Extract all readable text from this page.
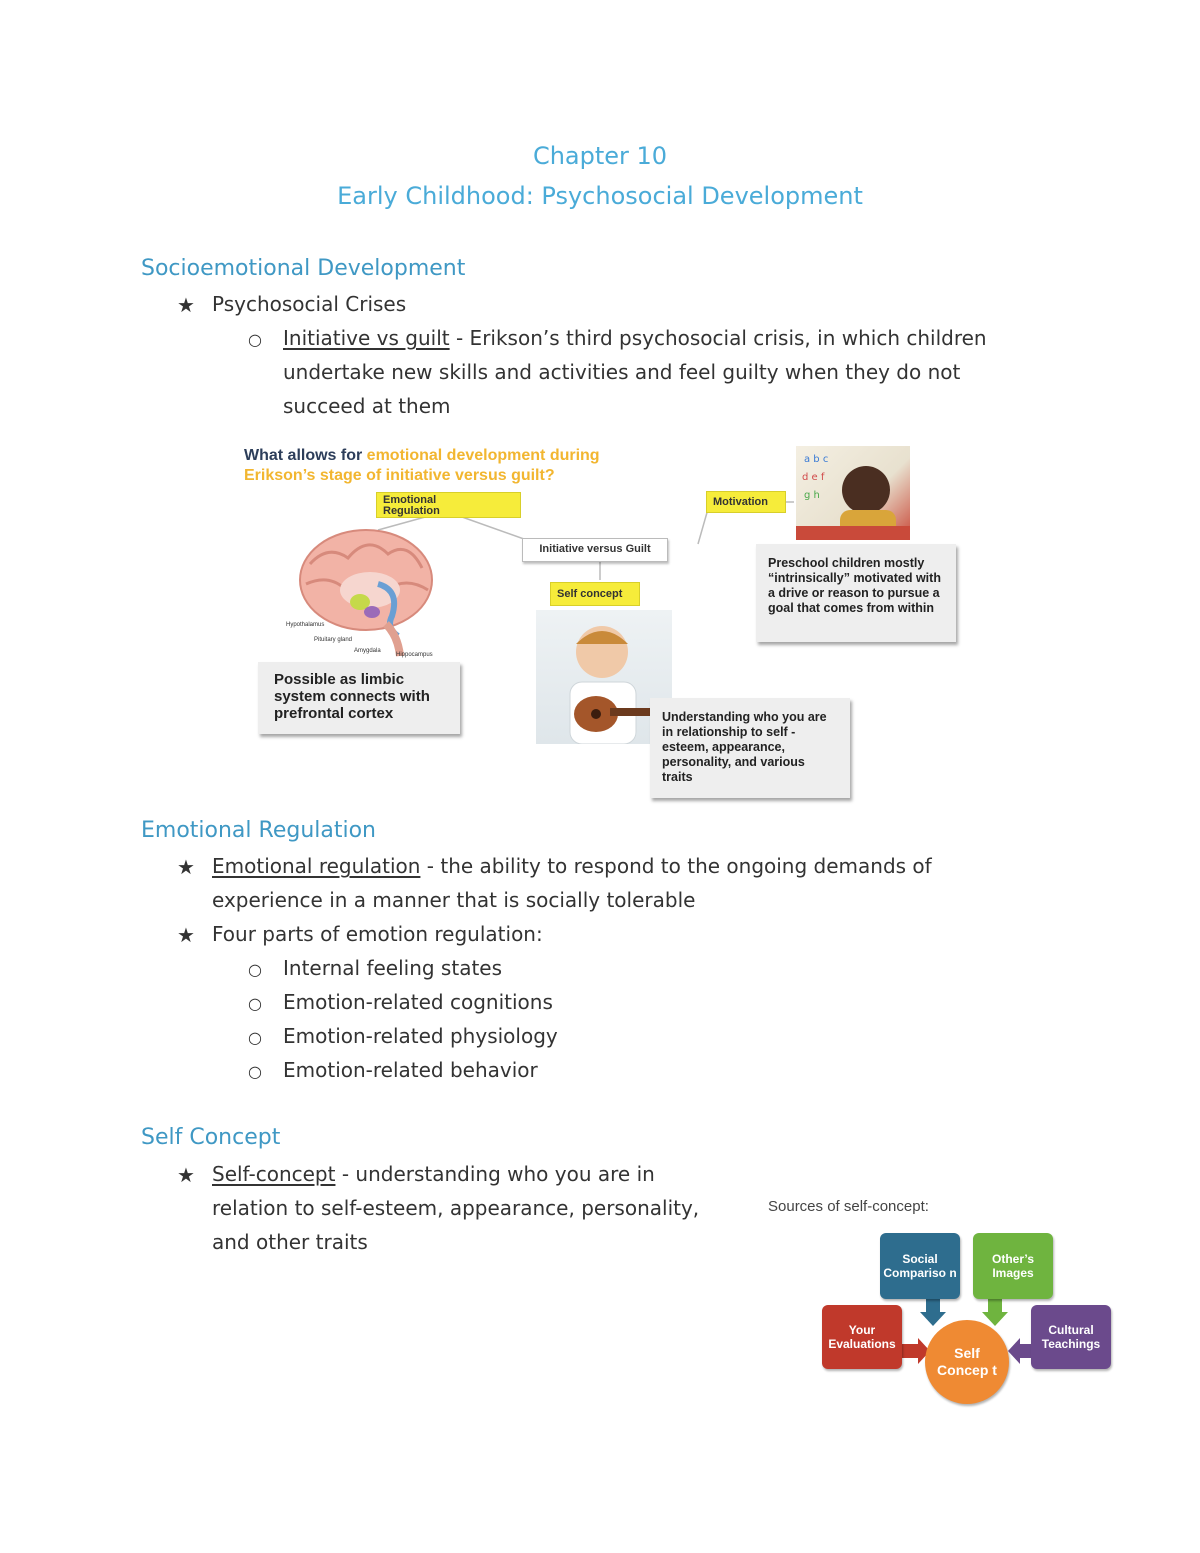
Chapter 10
Early Childhood: Psychosocial Development
Socioemotional Development
★ Psychosocial Crises
○ Initiative vs guilt - Erikson’s third psychosocial crisis, in which children
undertake new skills and activities and feel guilty when they do not
succeed at them
What allows for emotional development during
Erikson’s stage of initiative versus guilt?
Emotional
Regulation
Motivation
Initiative versus Guilt
Self concept
Hypothalamus
Pituitary gland
Amygdala
Hippocampus
a b c
d e f
g h
Possible as limbic system connects with prefrontal cortex
Preschool children mostly “intrinsically” motivated with a drive or reason to pursue a goal that comes from within
Understanding who you are in relationship to self -esteem, appearance, personality, and various traits
Emotional Regulation
★ Emotional regulation - the ability to respond to the ongoing demands of
experience in a manner that is socially tolerable
★ Four parts of emotion regulation:
○ Internal feeling states
○ Emotion-related cognitions
○ Emotion-related physiology
○ Emotion-related behavior
Self Concept
★ Self-concept - understanding who you are in
relation to self-esteem, appearance, personality,
and other traits
Sources of self-concept:
Social Compariso n
Other’s Images
Your Evaluations
Cultural Teachings
Self Concep t
